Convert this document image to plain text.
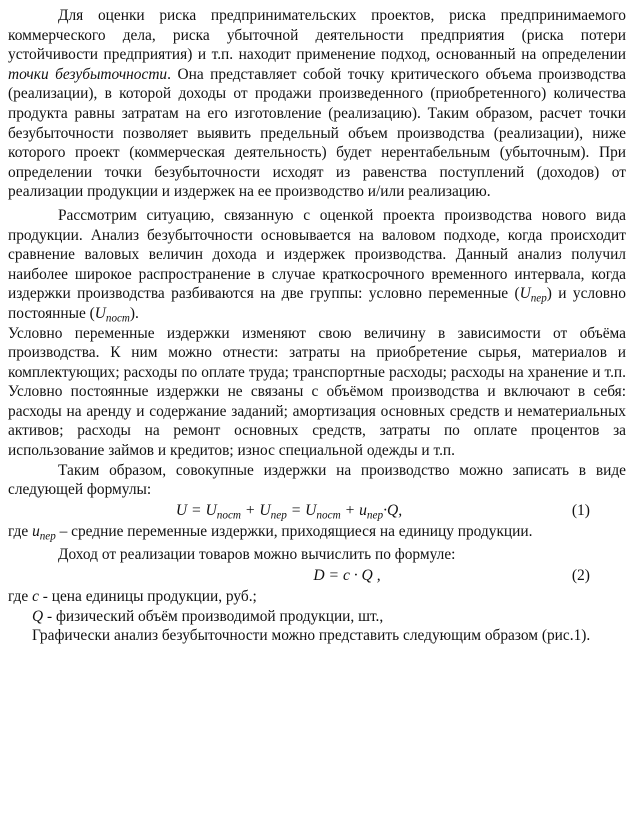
Для оценки риска предпринимательских проектов, риска предпринимаемого коммерческого дела, риска убыточной деятельности предприятия (риска потери устойчивости предприятия) и т.п. находит применение подход, основанный на определении точки безубыточности. Она представляет собой точку критического объема производства (реализации), в которой доходы от продажи произведенного (приобретенного) количества продукта равны затратам на его изготовление (реализацию). Таким образом, расчет точки безубыточности позволяет выявить предельный объем производства (реализации), ниже которого проект (коммерческая деятельность) будет нерентабельным (убыточным). При определении точки безубыточности исходят из равенства поступлений (доходов) от реализации продукции и издержек на ее производство и/или реализацию.

Рассмотрим ситуацию, связанную с оценкой проекта производства нового вида продукции. Анализ безубыточности основывается на валовом подходе, когда происходит сравнение валовых величин дохода и издержек производства. Данный анализ получил наиболее широкое распространение в случае краткосрочного временного интервала, когда издержки производства разбиваются на две группы: условно переменные $(U_{пер})$ и условно постоянные $(U_{пост})$.

Условно переменные издержки изменяют свою величину в зависимости от объёма производства. К ним можно отнести: затраты на приобретение сырья, материалов и комплектующих; расходы по оплате труда; транспортные расходы; расходы на хранение и т.п. Условно постоянные издержки не связаны с объёмом производства и включают в себя: расходы на аренду и содержание заданий; амортизация основных средств и нематериальных активов; расходы на ремонт основных средств, затраты по оплате процентов за использование займов и кредитов; износ специальной одежды и т.п.

Таким образом, совокупные издержки на производство можно записать в виде следующей формулы:

$U = U_{пост} + U_{пер} = U_{пост} + u_{пер}\cdot Q$,	(1)

где $u_{пер}$ – средние переменные издержки, приходящиеся на единицу продукции.

Доход от реализации товаров можно вычислить по формуле:

D = c · Q ,	(2)

где с - цена единицы продукции, руб.;

Q - физический объём производимой продукции, шт.,

Графически анализ безубыточности можно представить следующим образом (рис.1).
